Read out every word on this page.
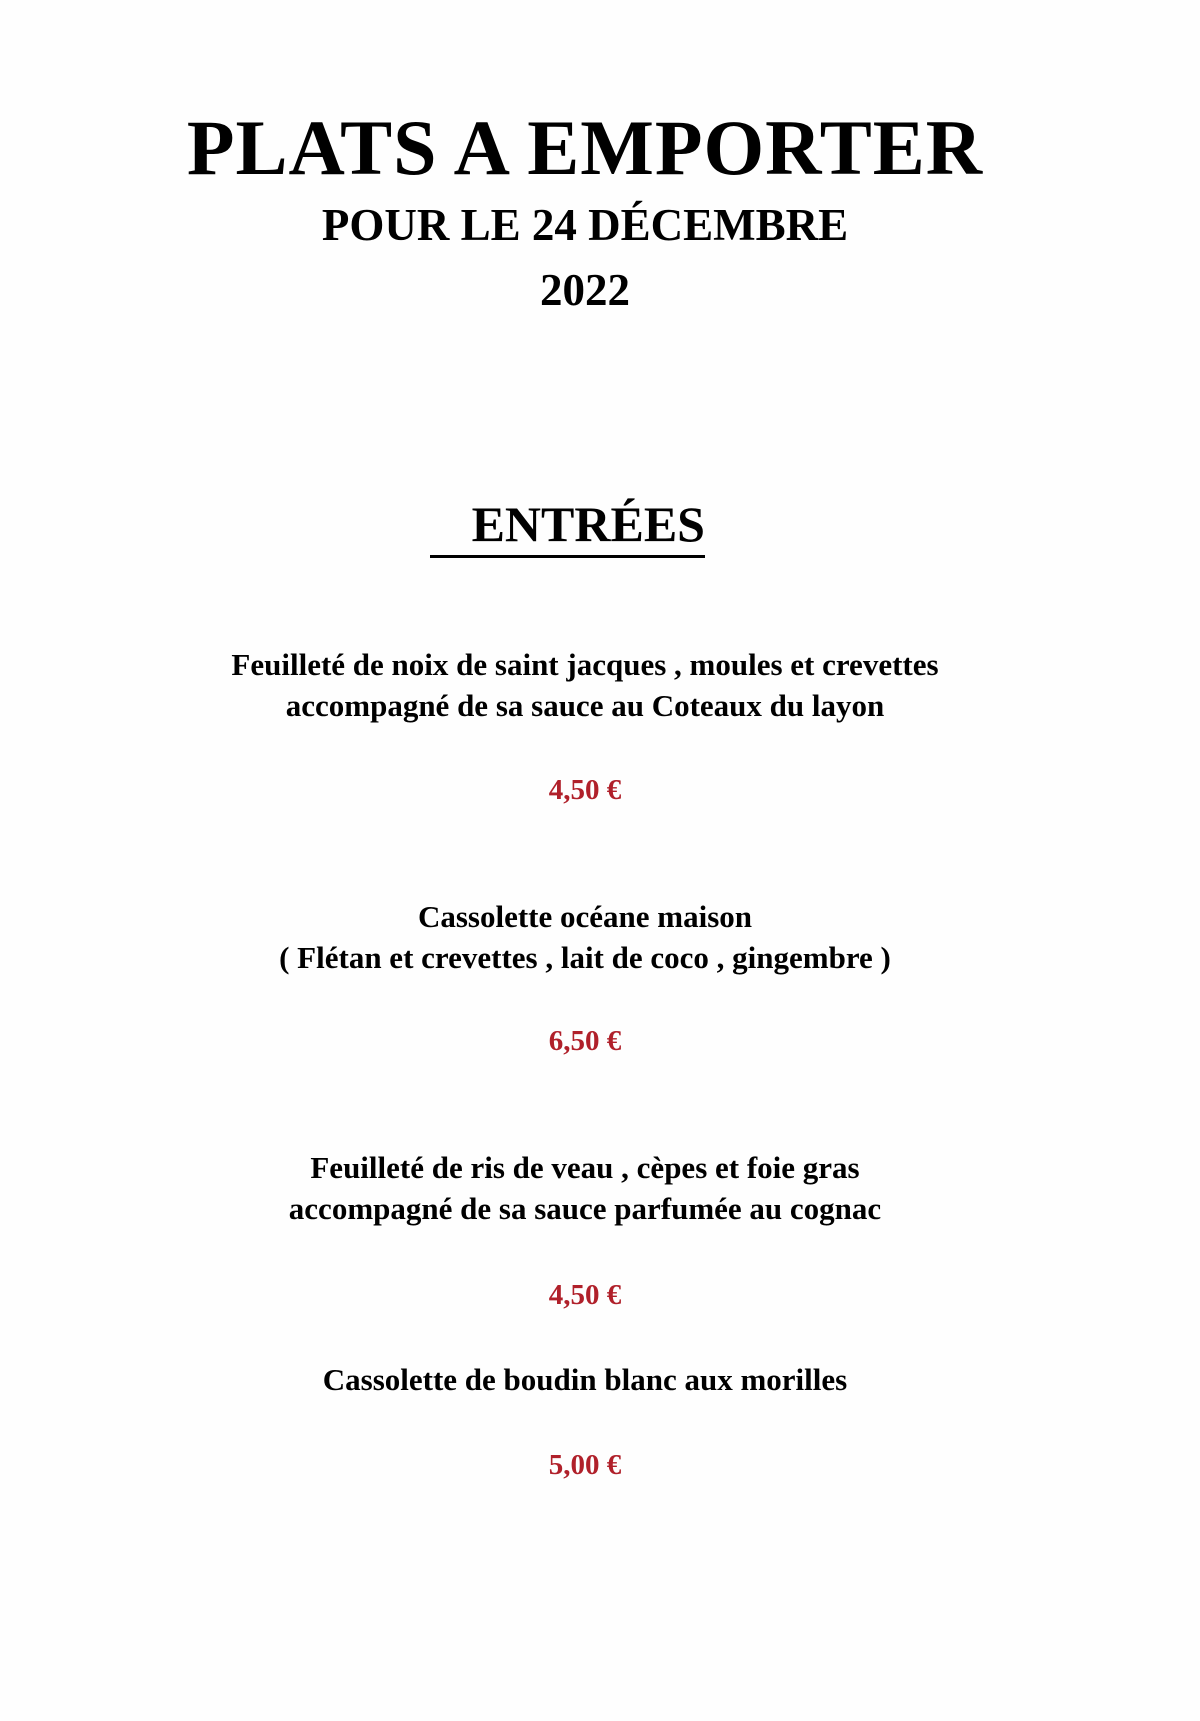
PLATS A EMPORTER
POUR LE 24 DÉCEMBRE
2022
ENTRÉES
Feuilleté de noix de saint jacques , moules et crevettes
accompagné de sa sauce au Coteaux du layon
4,50 €
Cassolette océane maison
( Flétan et crevettes , lait de coco , gingembre )
6,50 €
Feuilleté de ris de veau , cèpes et foie gras
accompagné de sa sauce parfumée au cognac
4,50 €
Cassolette de boudin blanc aux morilles
5,00 €
